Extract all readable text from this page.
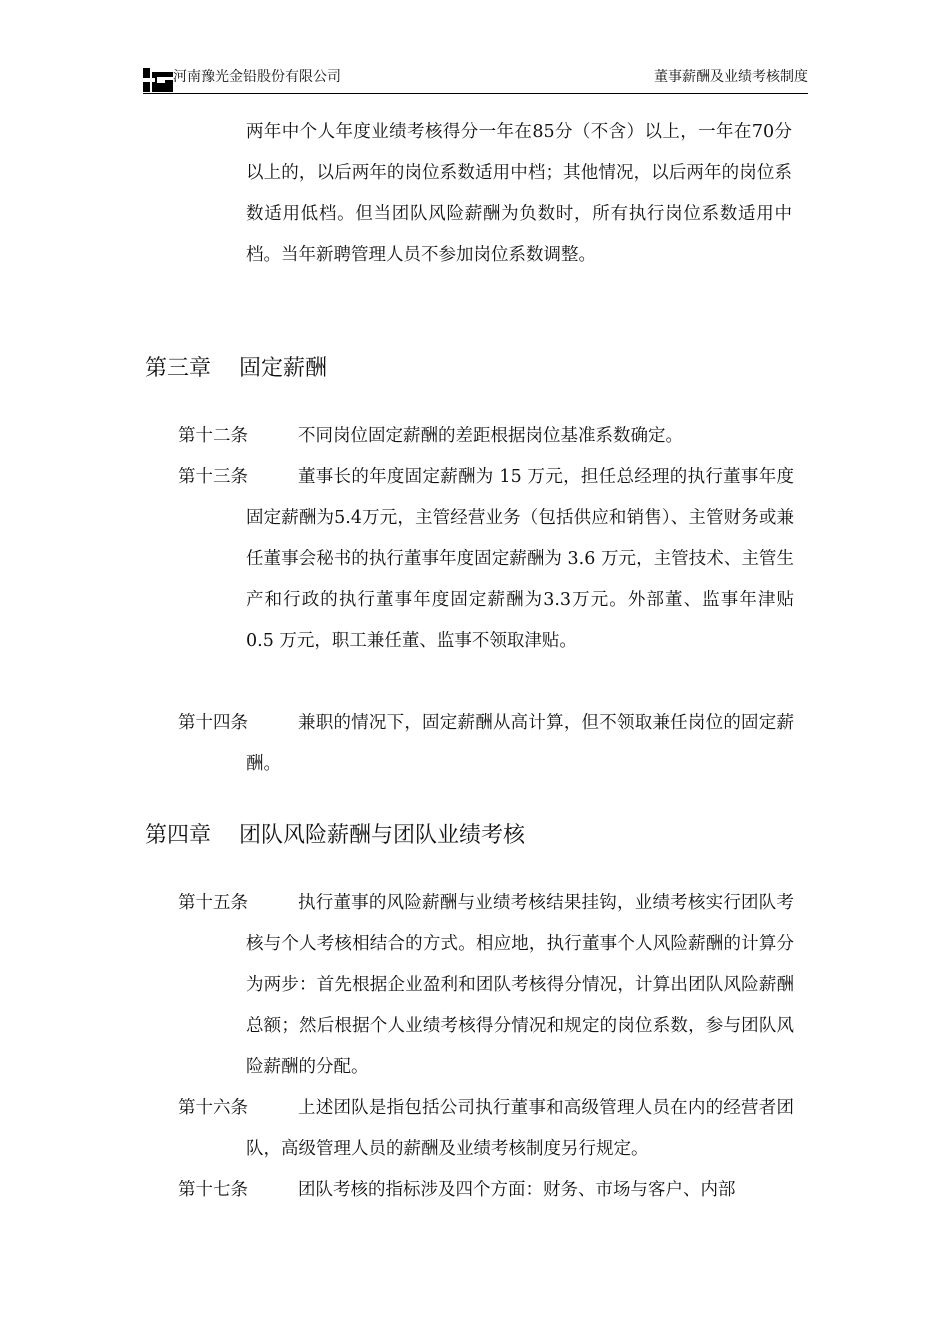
河南豫光金铅股份有限公司	董事薪酬及业绩考核制度
两年中个人年度业绩考核得分一年在85分（不含）以上，一年在70分以上的，以后两年的岗位系数适用中档；其他情况，以后两年的岗位系数适用低档。但当团队风险薪酬为负数时，所有执行岗位系数适用中档。当年新聘管理人员不参加岗位系数调整。
第三章 固定薪酬
第十二条	不同岗位固定薪酬的差距根据岗位基准系数确定。
第十三条	董事长的年度固定薪酬为 15 万元，担任总经理的执行董事年度固定薪酬为5.4万元，主管经营业务（包括供应和销售）、主管财务或兼任董事会秘书的执行董事年度固定薪酬为 3.6 万元，主管技术、主管生产和行政的执行董事年度固定薪酬为3.3万元。外部董、监事年津贴 0.5 万元，职工兼任董、监事不领取津贴。
第十四条	兼职的情况下，固定薪酬从高计算，但不领取兼任岗位的固定薪酬。
第四章 团队风险薪酬与团队业绩考核
第十五条	执行董事的风险薪酬与业绩考核结果挂钩，业绩考核实行团队考核与个人考核相结合的方式。相应地，执行董事个人风险薪酬的计算分为两步：首先根据企业盈利和团队考核得分情况，计算出团队风险薪酬总额；然后根据个人业绩考核得分情况和规定的岗位系数，参与团队风险薪酬的分配。
第十六条	上述团队是指包括公司执行董事和高级管理人员在内的经营者团队，高级管理人员的薪酬及业绩考核制度另行规定。
第十七条	团队考核的指标涉及四个方面：财务、市场与客户、内部
